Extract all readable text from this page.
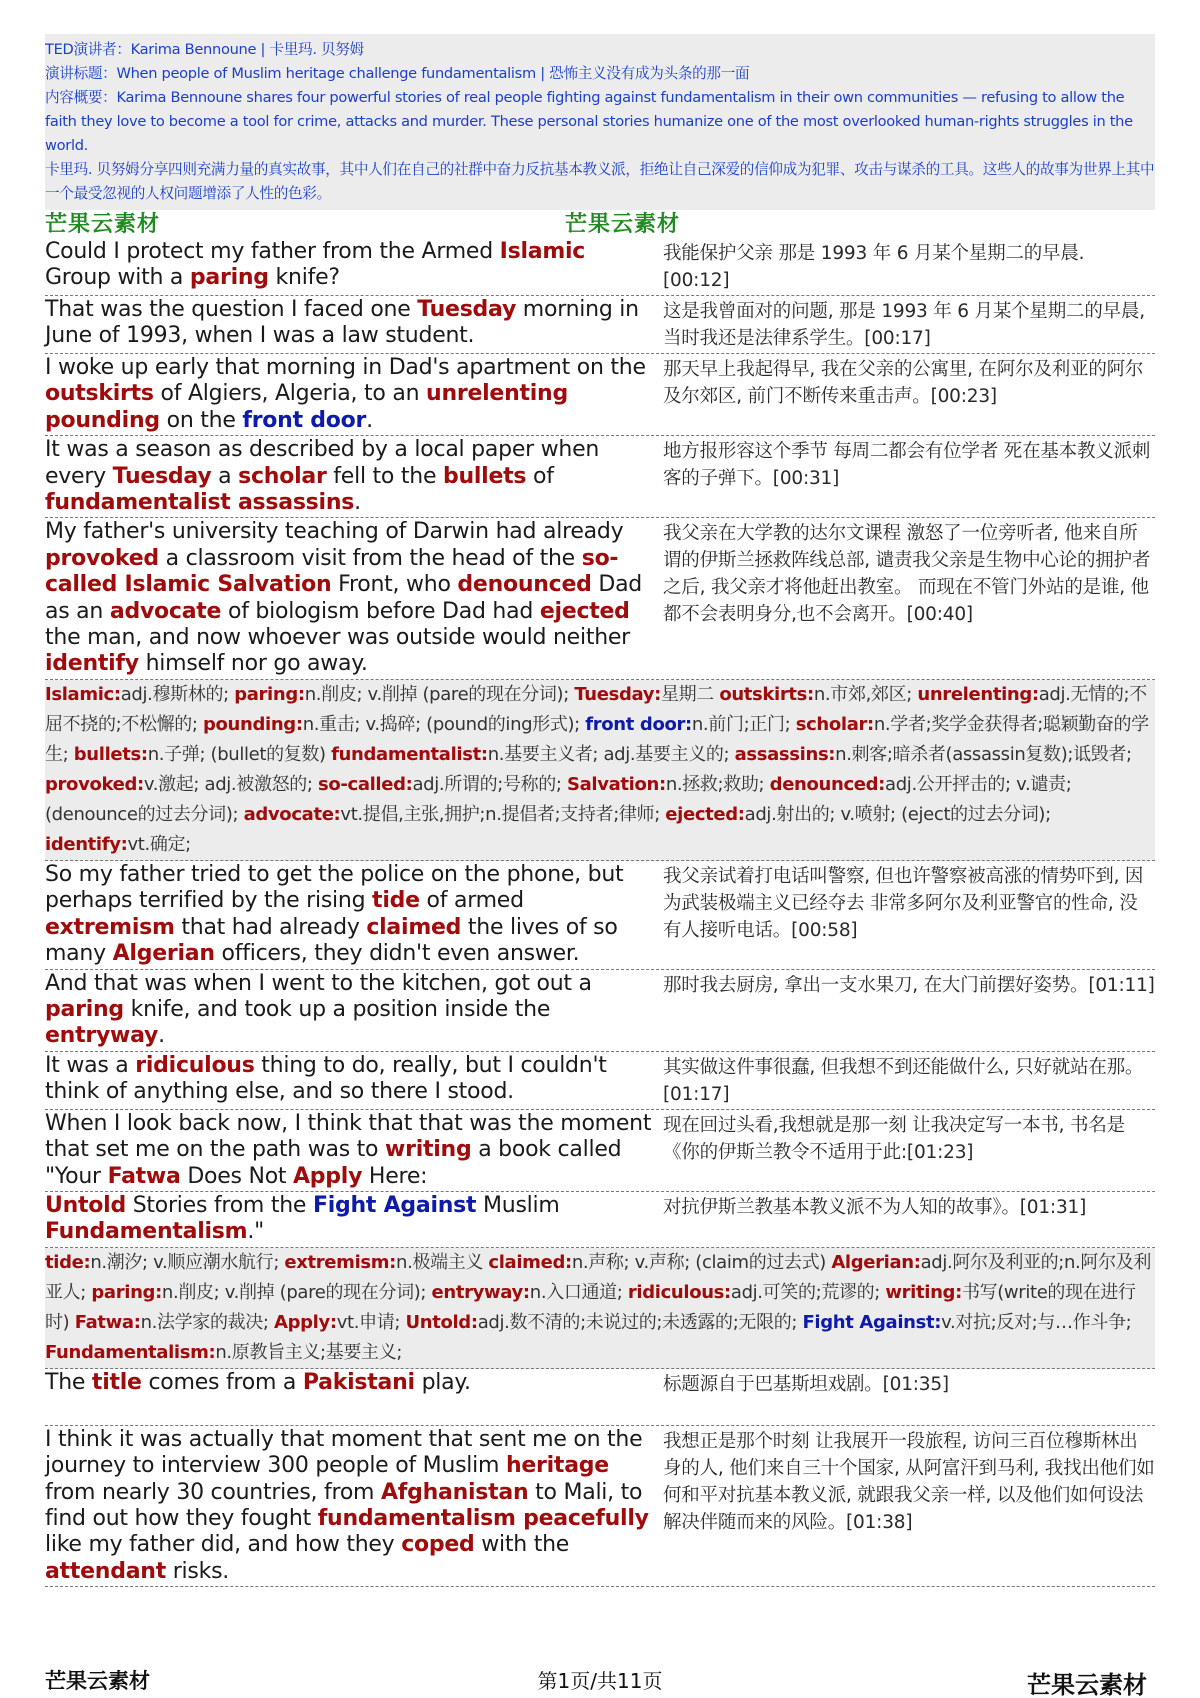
TED演讲者：Karima Bennoune | 卡里玛. 贝努姆
演讲标题：When people of Muslim heritage challenge fundamentalism | 恐怖主义没有成为头条的那一面
内容概要：Karima Bennoune shares four powerful stories of real people fighting against fundamentalism in their own communities — refusing to allow the faith they love to become a tool for crime, attacks and murder. These personal stories humanize one of the most overlooked human-rights struggles in the world.
卡里玛. 贝努姆分享四则充满力量的真实故事，其中人们在自己的社群中奋力反抗基本教义派，拒绝让自己深爱的信仰成为犯罪、攻击与谋杀的工具。这些人的故事为世界上其中一个最受忽视的人权问题增添了人性的色彩。
芒果云素材	芒果云素材
Could I protect my father from the Armed Islamic Group with a paring knife?
我能保护父亲 那是 1993 年 6 月某个星期二的早晨. [00:12]
That was the question I faced one Tuesday morning in June of 1993, when I was a law student.
这是我曾面对的问题, 那是 1993 年 6 月某个星期二的早晨, 当时我还是法律系学生。[00:17]
I woke up early that morning in Dad's apartment on the outskirts of Algiers, Algeria, to an unrelenting pounding on the front door.
那天早上我起得早, 我在父亲的公寓里, 在阿尔及利亚的阿尔及尔郊区, 前门不断传来重击声。[00:23]
It was a season as described by a local paper when every Tuesday a scholar fell to the bullets of fundamentalist assassins.
地方报形容这个季节 每周二都会有位学者 死在基本教义派刺客的子弹下。[00:31]
My father's university teaching of Darwin had already provoked a classroom visit from the head of the so-called Islamic Salvation Front, who denounced Dad as an advocate of biologism before Dad had ejected the man, and now whoever was outside would neither identify himself nor go away.
我父亲在大学教的达尔文课程 激怒了一位旁听者, 他来自所谓的伊斯兰拯救阵线总部, 谴责我父亲是生物中心论的拥护者之后, 我父亲才将他赶出教室。 而现在不管门外站的是谁, 他都不会表明身分,也不会离开。[00:40]
Islamic:adj.穆斯林的; paring:n.削皮; v.削掉 (pare的现在分词); Tuesday:星期二 outskirts:n.市郊,郊区; unrelenting:adj.无情的;不屈不挠的;不松懈的; pounding:n.重击; v.捣碎; (pound的ing形式); front door:n.前门;正门; scholar:n.学者;奖学金获得者;聪颖勤奋的学生; bullets:n.子弹; (bullet的复数) fundamentalist:n.基要主义者; adj.基要主义的; assassins:n.刺客;暗杀者(assassin复数);诋毁者; provoked:v.激起; adj.被激怒的; so-called:adj.所谓的;号称的; Salvation:n.拯救;救助; denounced:adj.公开抨击的; v.谴责; (denounce的过去分词); advocate:vt.提倡,主张,拥护;n.提倡者;支持者;律师; ejected:adj.射出的; v.喷射; (eject的过去分词); identify:vt.确定;
So my father tried to get the police on the phone, but perhaps terrified by the rising tide of armed extremism that had already claimed the lives of so many Algerian officers, they didn't even answer.
我父亲试着打电话叫警察, 但也许警察被高涨的情势吓到, 因为武装极端主义已经夺去 非常多阿尔及利亚警官的性命, 没有人接听电话。[00:58]
And that was when I went to the kitchen, got out a paring knife, and took up a position inside the entryway.
那时我去厨房, 拿出一支水果刀, 在大门前摆好姿势。[01:11]
It was a ridiculous thing to do, really, but I couldn't think of anything else, and so there I stood.
其实做这件事很蠢, 但我想不到还能做什么, 只好就站在那。[01:17]
When I look back now, I think that that was the moment that set me on the path was to writing a book called "Your Fatwa Does Not Apply Here:
现在回过头看,我想就是那一刻 让我决定写一本书, 书名是《你的伊斯兰教令不适用于此:[01:23]
Untold Stories from the Fight Against Muslim Fundamentalism."
对抗伊斯兰教基本教义派不为人知的故事》。[01:31]
tide:n.潮汐; v.顺应潮水航行; extremism:n.极端主义 claimed:n.声称; v.声称; (claim的过去式) Algerian:adj.阿尔及利亚的;n.阿尔及利亚人; paring:n.削皮; v.削掉 (pare的现在分词); entryway:n.入口通道; ridiculous:adj.可笑的;荒谬的; writing:书写(write的现在进行时) Fatwa:n.法学家的裁决; Apply:vt.申请; Untold:adj.数不清的;未说过的;未透露的;无限的; Fight Against:v.对抗;反对;与…作斗争; Fundamentalism:n.原教旨主义;基要主义;
The title comes from a Pakistani play.	标题源自于巴基斯坦戏剧。[01:35]
I think it was actually that moment that sent me on the journey to interview 300 people of Muslim heritage from nearly 30 countries, from Afghanistan to Mali, to find out how they fought fundamentalism peacefully like my father did, and how they coped with the attendant risks.
我想正是那个时刻 让我展开一段旅程, 访问三百位穆斯林出身的人, 他们来自三十个国家, 从阿富汗到马利, 我找出他们如何和平对抗基本教义派, 就跟我父亲一样, 以及他们如何设法解决伴随而来的风险。[01:38]
芒果云素材	第1页/共11页	芒果云素材
